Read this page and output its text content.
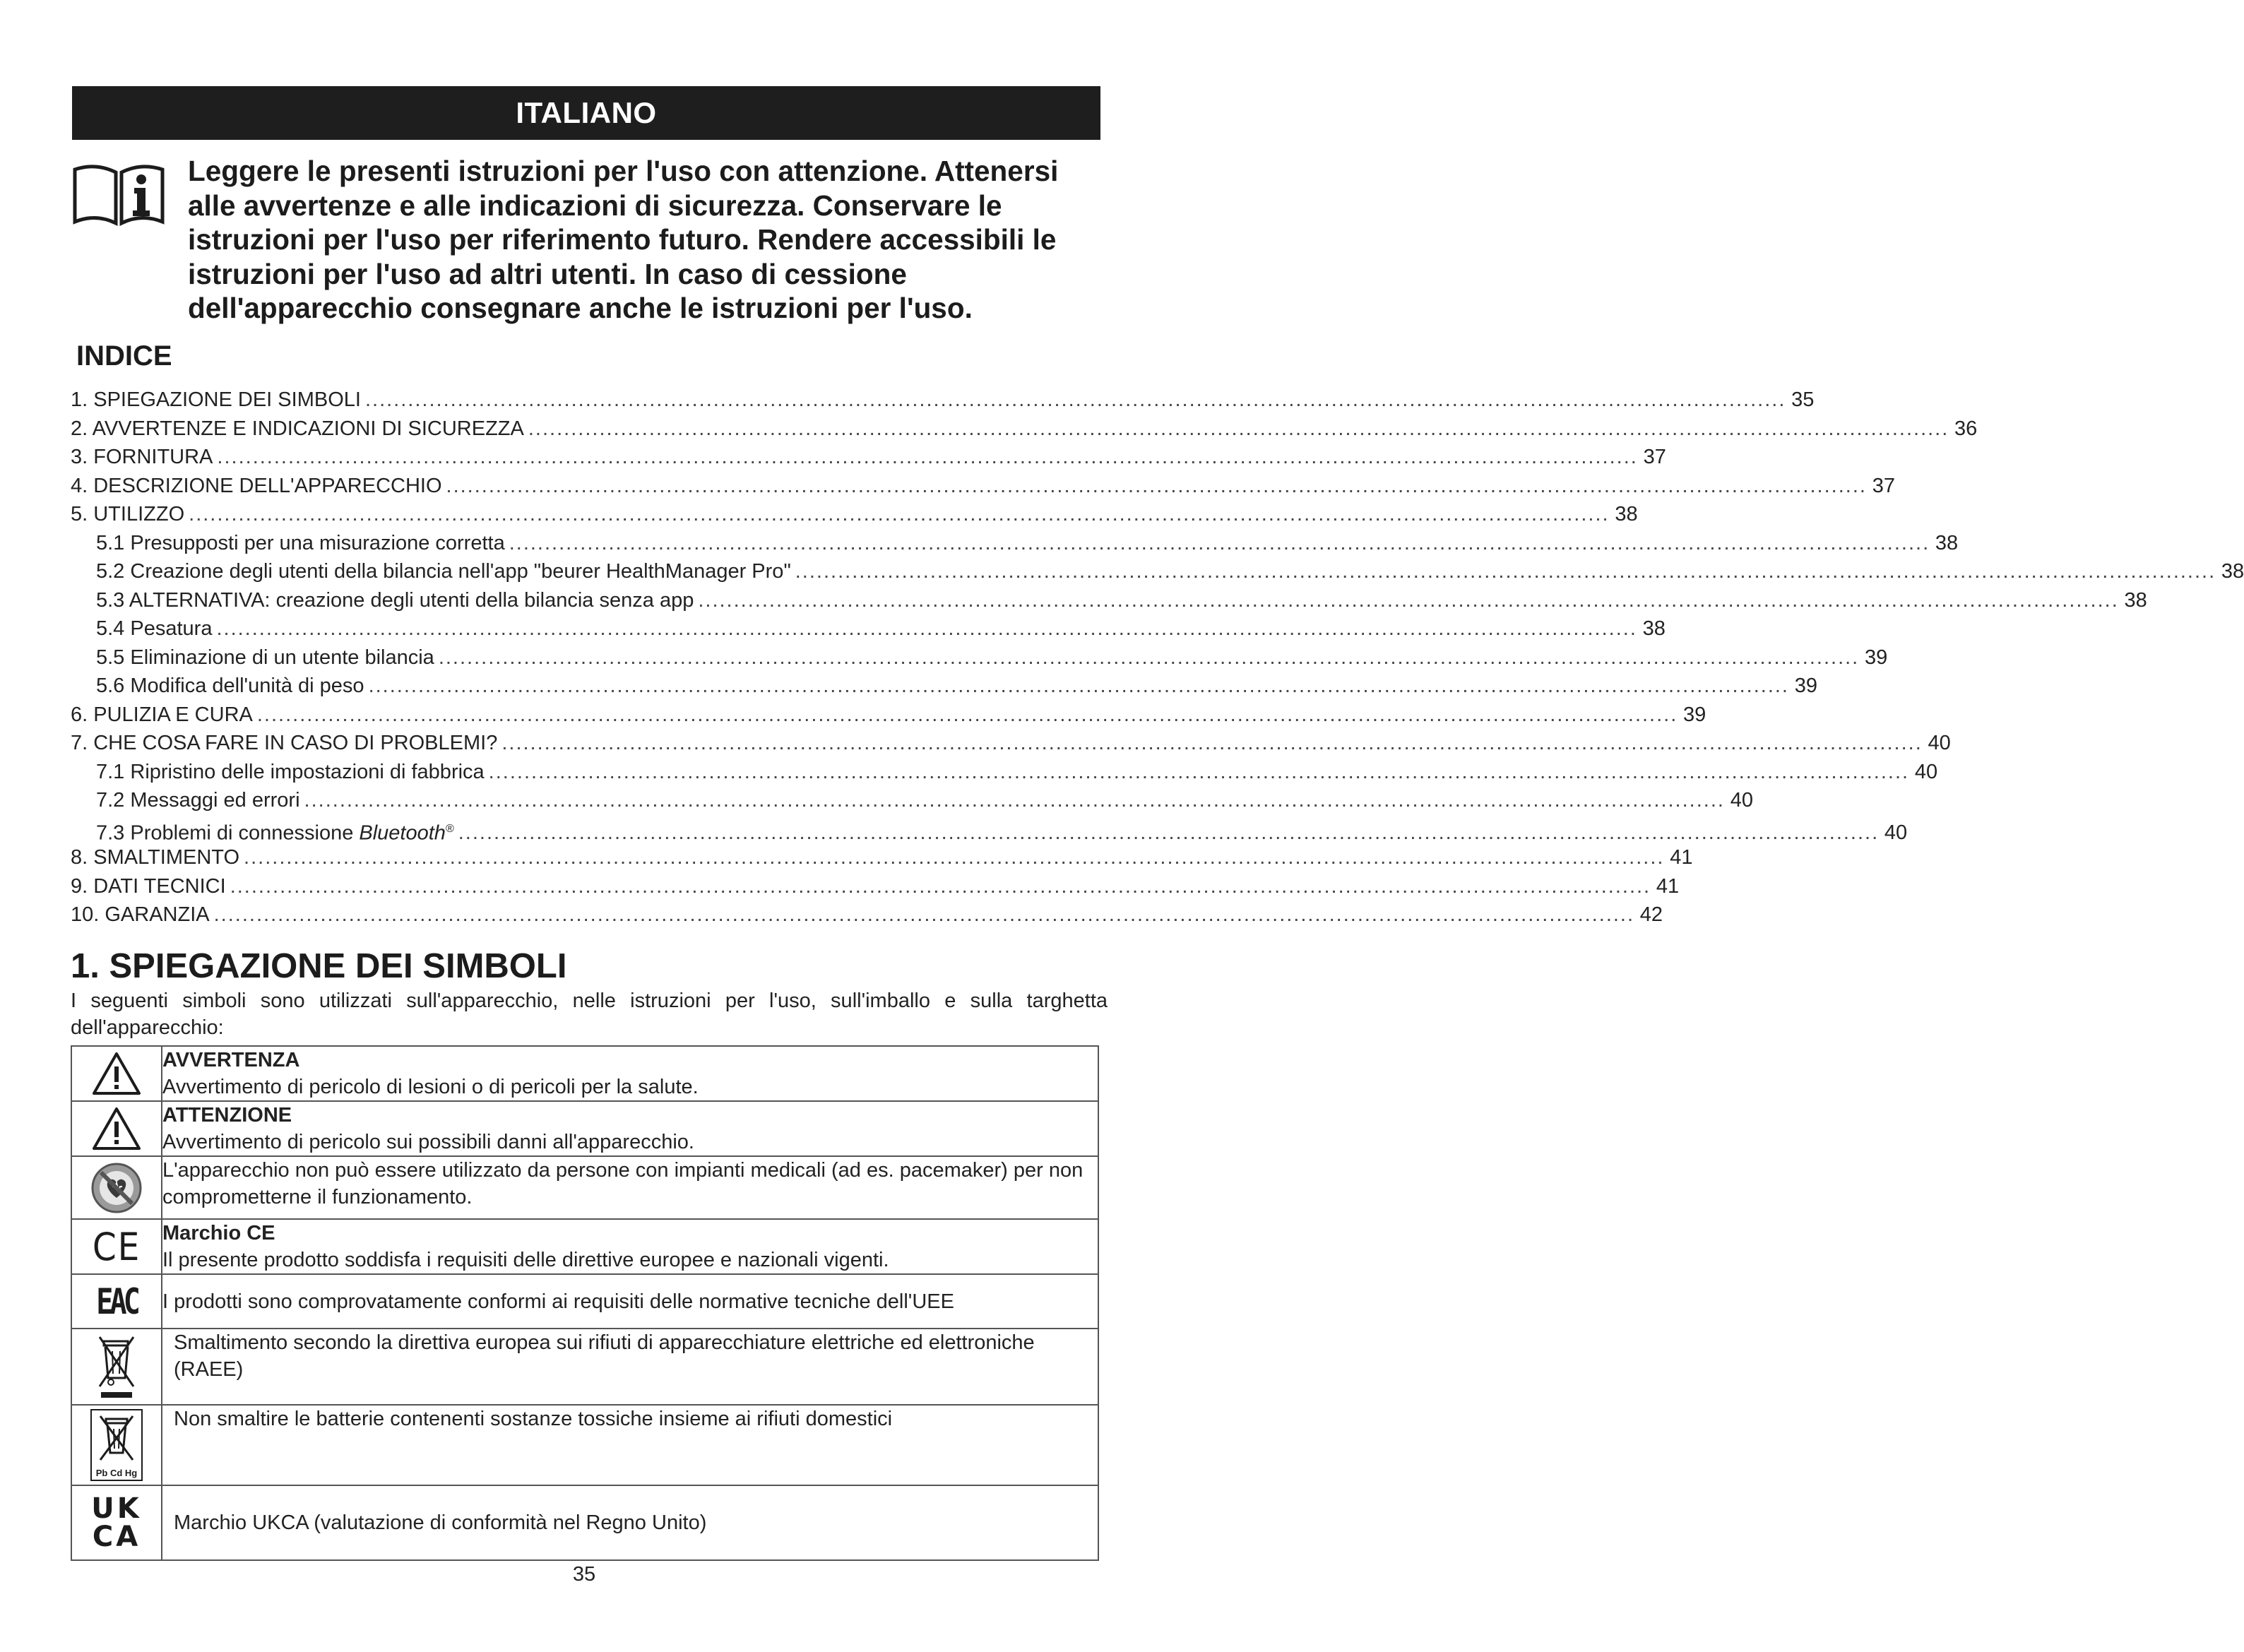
ITALIANO
Leggere le presenti istruzioni per l'uso con attenzione. Attenersi alle avvertenze e alle indicazioni di sicurezza. Conservare le istruzioni per l'uso per riferimento futuro. Rendere accessibili le istruzioni per l'uso ad altri utenti. In caso di cessione dell'apparecchio consegnare anche le istruzioni per l'uso.
INDICE
1. SPIEGAZIONE DEI SIMBOLI ........................................................................................................................................................................................................ 35
2. AVVERTENZE E INDICAZIONI DI SICUREZZA ........................................................................................................................................................................................................ 36
3. FORNITURA ........................................................................................................................................................................................................ 37
4. DESCRIZIONE DELL'APPARECCHIO ........................................................................................................................................................................................................ 37
5. UTILIZZO ........................................................................................................................................................................................................ 38
5.1 Presupposti per una misurazione corretta ........................................................................................................................................................................................................ 38
5.2 Creazione degli utenti della bilancia nell'app "beurer HealthManager Pro" ........................................................................................................................................................................................................ 38
5.3 ALTERNATIVA: creazione degli utenti della bilancia senza app ........................................................................................................................................................................................................ 38
5.4 Pesatura ........................................................................................................................................................................................................ 38
5.5 Eliminazione di un utente bilancia ........................................................................................................................................................................................................ 39
5.6 Modifica dell'unità di peso ........................................................................................................................................................................................................ 39
6. PULIZIA E CURA ........................................................................................................................................................................................................ 39
7. CHE COSA FARE IN CASO DI PROBLEMI? ........................................................................................................................................................................................................ 40
7.1 Ripristino delle impostazioni di fabbrica ........................................................................................................................................................................................................ 40
7.2 Messaggi ed errori ........................................................................................................................................................................................................ 40
7.3 Problemi di connessione Bluetooth® ........................................................................................................................................................................................................ 40
8. SMALTIMENTO ........................................................................................................................................................................................................ 41
9. DATI TECNICI ........................................................................................................................................................................................................ 41
10. GARANZIA ........................................................................................................................................................................................................ 42
1. SPIEGAZIONE DEI SIMBOLI
I seguenti simboli sono utilizzati sull'apparecchio, nelle istruzioni per l'uso, sull'imballo e sulla targhetta dell'apparecchio:

AVVERTENZA
Avvertimento di pericolo di lesioni o di pericoli per la salute.

ATTENZIONE
Avvertimento di pericolo sui possibili danni all'apparecchio.

L'apparecchio non può essere utilizzato da persone con impianti medicali (ad es. pacemaker) per non comprometterne il funzionamento.

CE	Marchio CE
Il presente prodotto soddisfa i requisiti delle direttive europee e nazionali vigenti.

EAC	I prodotti sono comprovatamente conformi ai requisiti delle normative tecniche dell'UEE

Smaltimento secondo la direttiva europea sui rifiuti di apparecchiature elettriche ed elettroniche (RAEE)

Pb Cd Hg	Non smaltire le batterie contenenti sostanze tossiche insieme ai rifiuti domestici

UK
CA	Marchio UKCA (valutazione di conformità nel Regno Unito)
35
